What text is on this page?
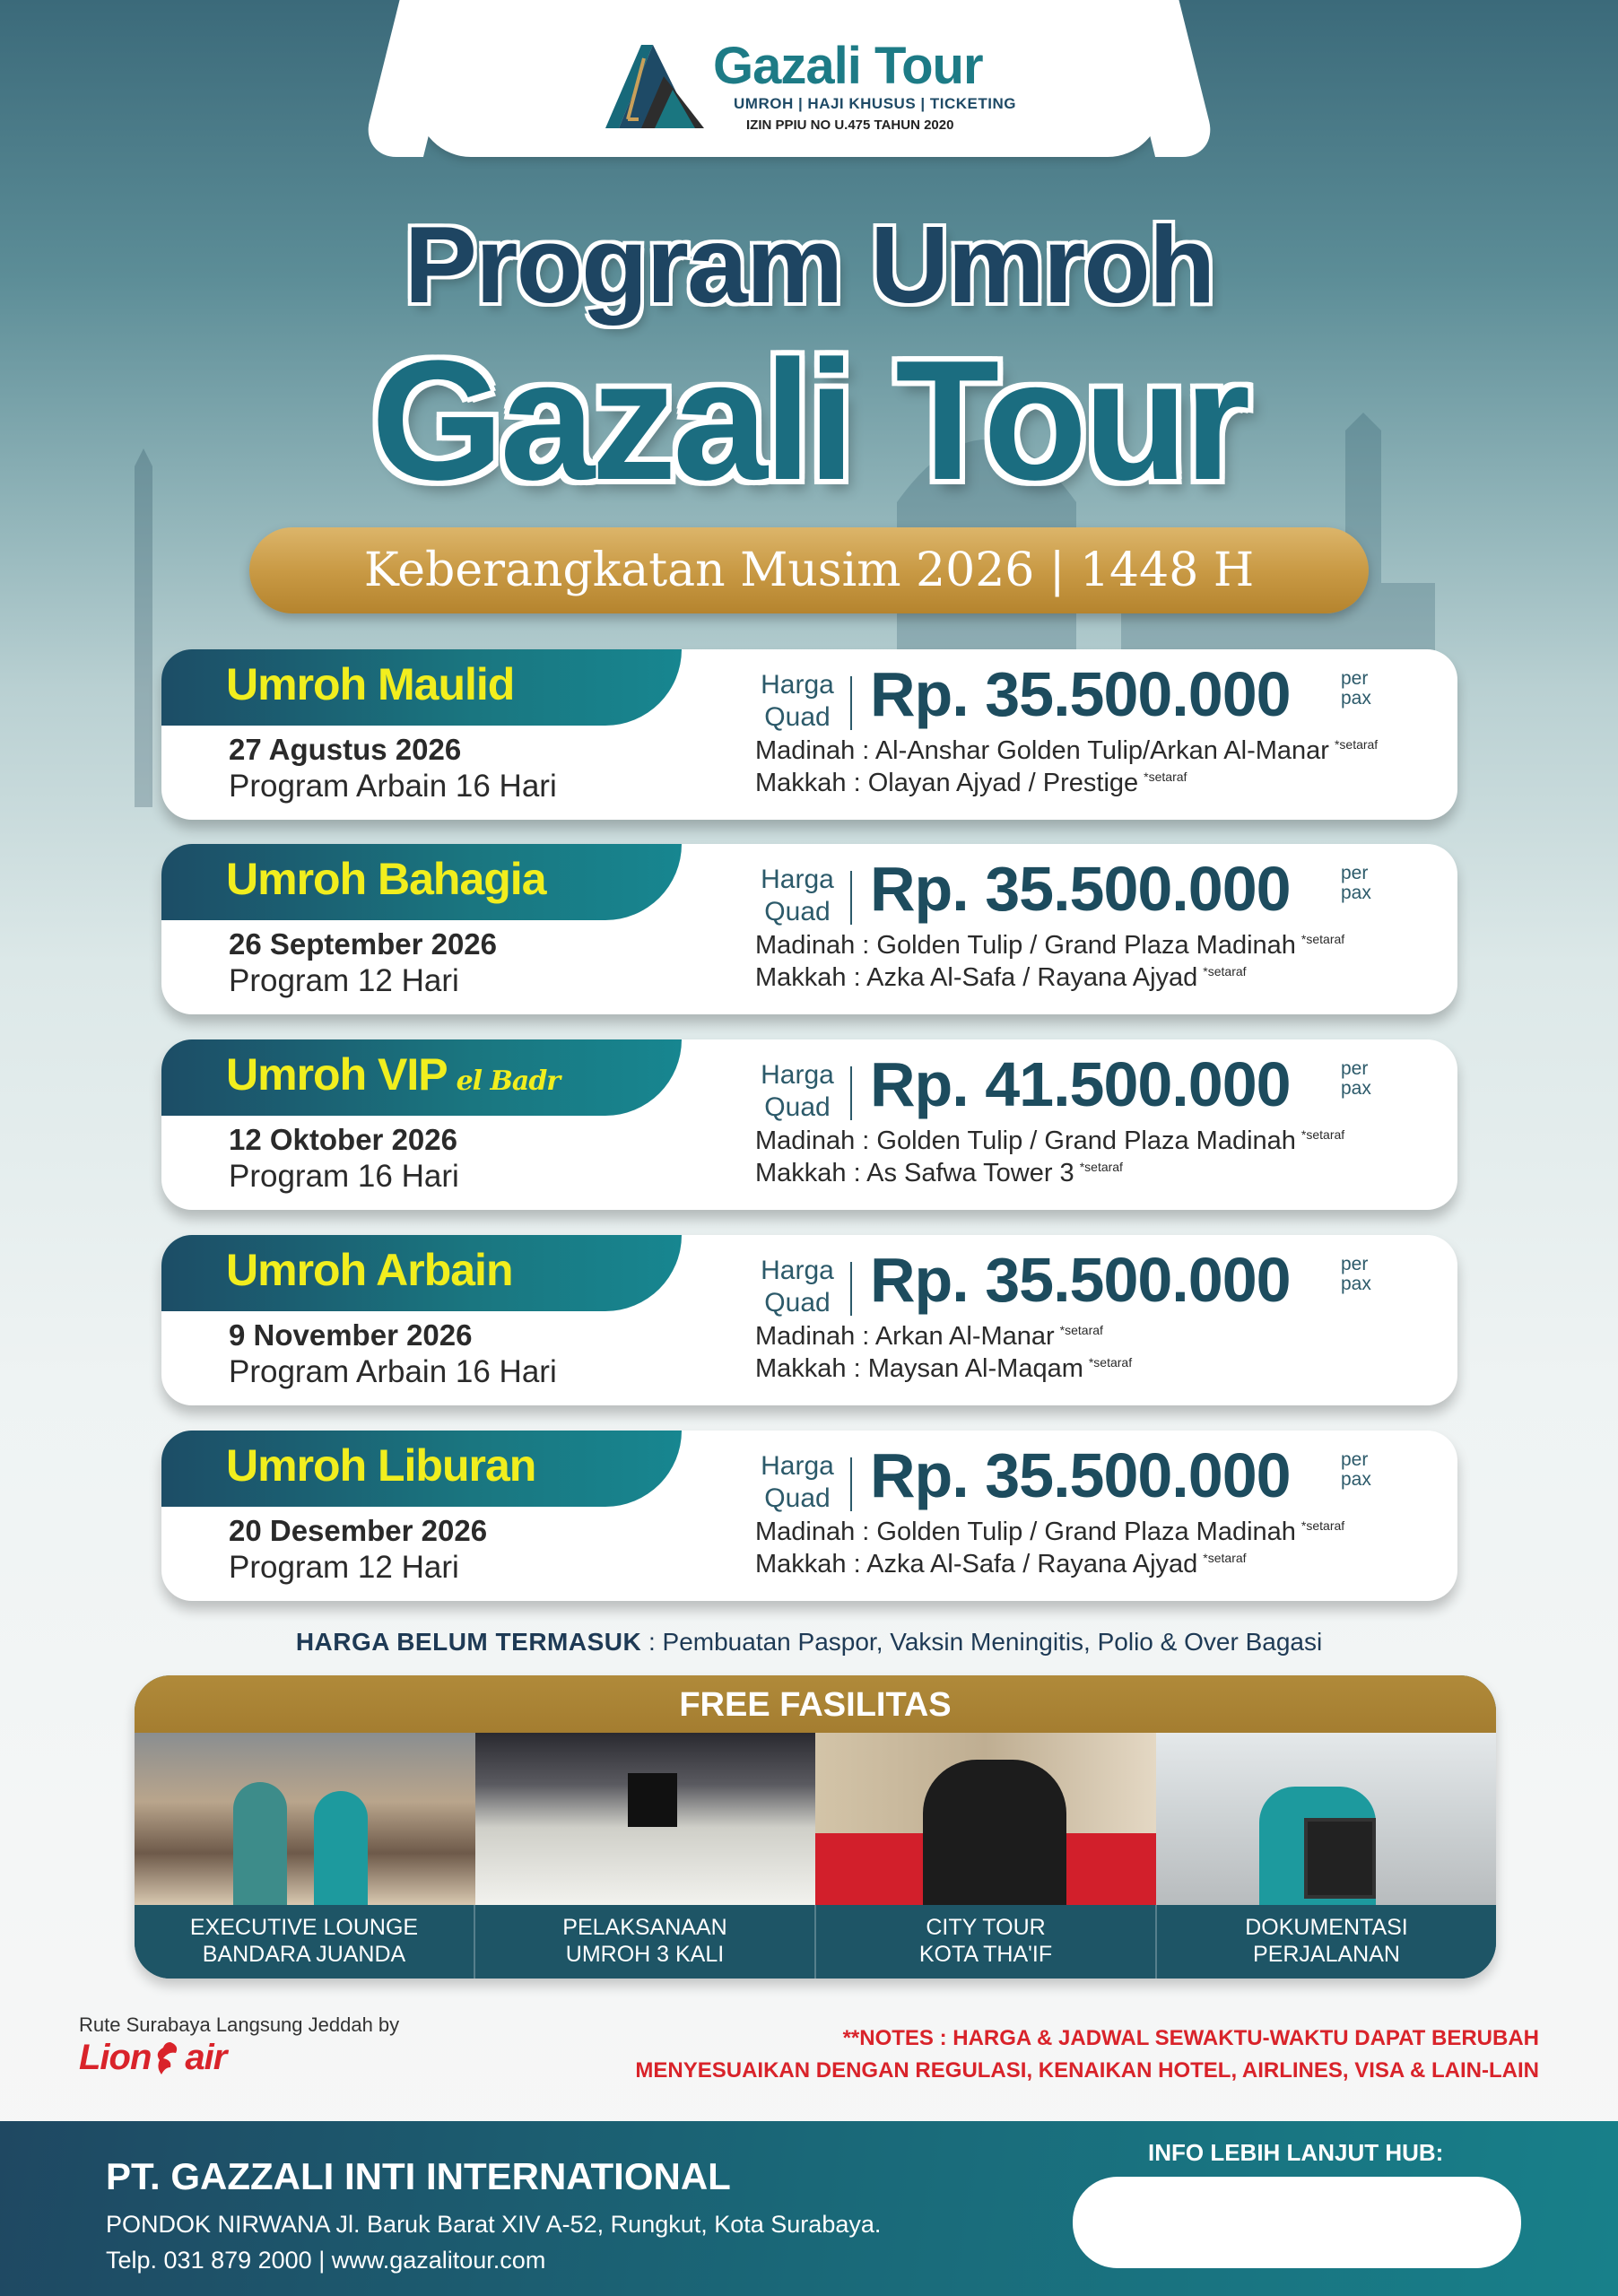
Gazali Tour
UMROH | HAJI KHUSUS | TICKETING
IZIN PPIU NO U.475 TAHUN 2020
Program Umroh
Gazali Tour
Keberangkatan Musim 2026 | 1448 H
Umroh Maulid
27 Agustus 2026
Program Arbain 16 Hari
Harga
Quad Rp. 35.500.000	per
pax
Madinah : Al-Anshar Golden Tulip/Arkan Al-Manar $^{*setaraf}$
Makkah : Olayan Ajyad / Prestige $^{*setaraf}$
Umroh Bahagia
26 September 2026
Program 12 Hari
Harga
Quad Rp. 35.500.000	per
pax
Madinah : Golden Tulip / Grand Plaza Madinah $^{*setaraf}$
Makkah : Azka Al-Safa / Rayana Ajyad $^{*setaraf}$
Umroh VIP el Badr
12 Oktober 2026
Program 16 Hari
Harga
Quad Rp. 41.500.000	per
pax
Madinah : Golden Tulip / Grand Plaza Madinah $^{*setaraf}$
Makkah : As Safwa Tower 3 $^{*setaraf}$
Umroh Arbain
9 November 2026
Program Arbain 16 Hari
Harga
Quad Rp. 35.500.000	per
pax
Madinah : Arkan Al-Manar $^{*setaraf}$
Makkah : Maysan Al-Maqam $^{*setaraf}$
Umroh Liburan
20 Desember 2026
Program 12 Hari
Harga
Quad Rp. 35.500.000	per
pax
Madinah : Golden Tulip / Grand Plaza Madinah $^{*setaraf}$
Makkah : Azka Al-Safa / Rayana Ajyad $^{*setaraf}$
HARGA BELUM TERMASUK : Pembuatan Paspor, Vaksin Meningitis, Polio & Over Bagasi
FREE FASILITAS
EXECUTIVE LOUNGE
BANDARA JUANDA
PELAKSANAAN
UMROH 3 KALI
CITY TOUR
KOTA THA'IF
DOKUMENTASI
PERJALANAN
Rute Surabaya Langsung Jeddah by
Lion air	**NOTES : HARGA & JADWAL SEWAKTU-WAKTU DAPAT BERUBAH
MENYESUAIKAN DENGAN REGULASI, KENAIKAN HOTEL, AIRLINES, VISA & LAIN-LAIN
PT. GAZZALI INTI INTERNATIONAL
PONDOK NIRWANA Jl. Baruk Barat XIV A-52, Rungkut, Kota Surabaya.
Telp. 031 879 2000 | www.gazalitour.com
INFO LEBIH LANJUT HUB:
